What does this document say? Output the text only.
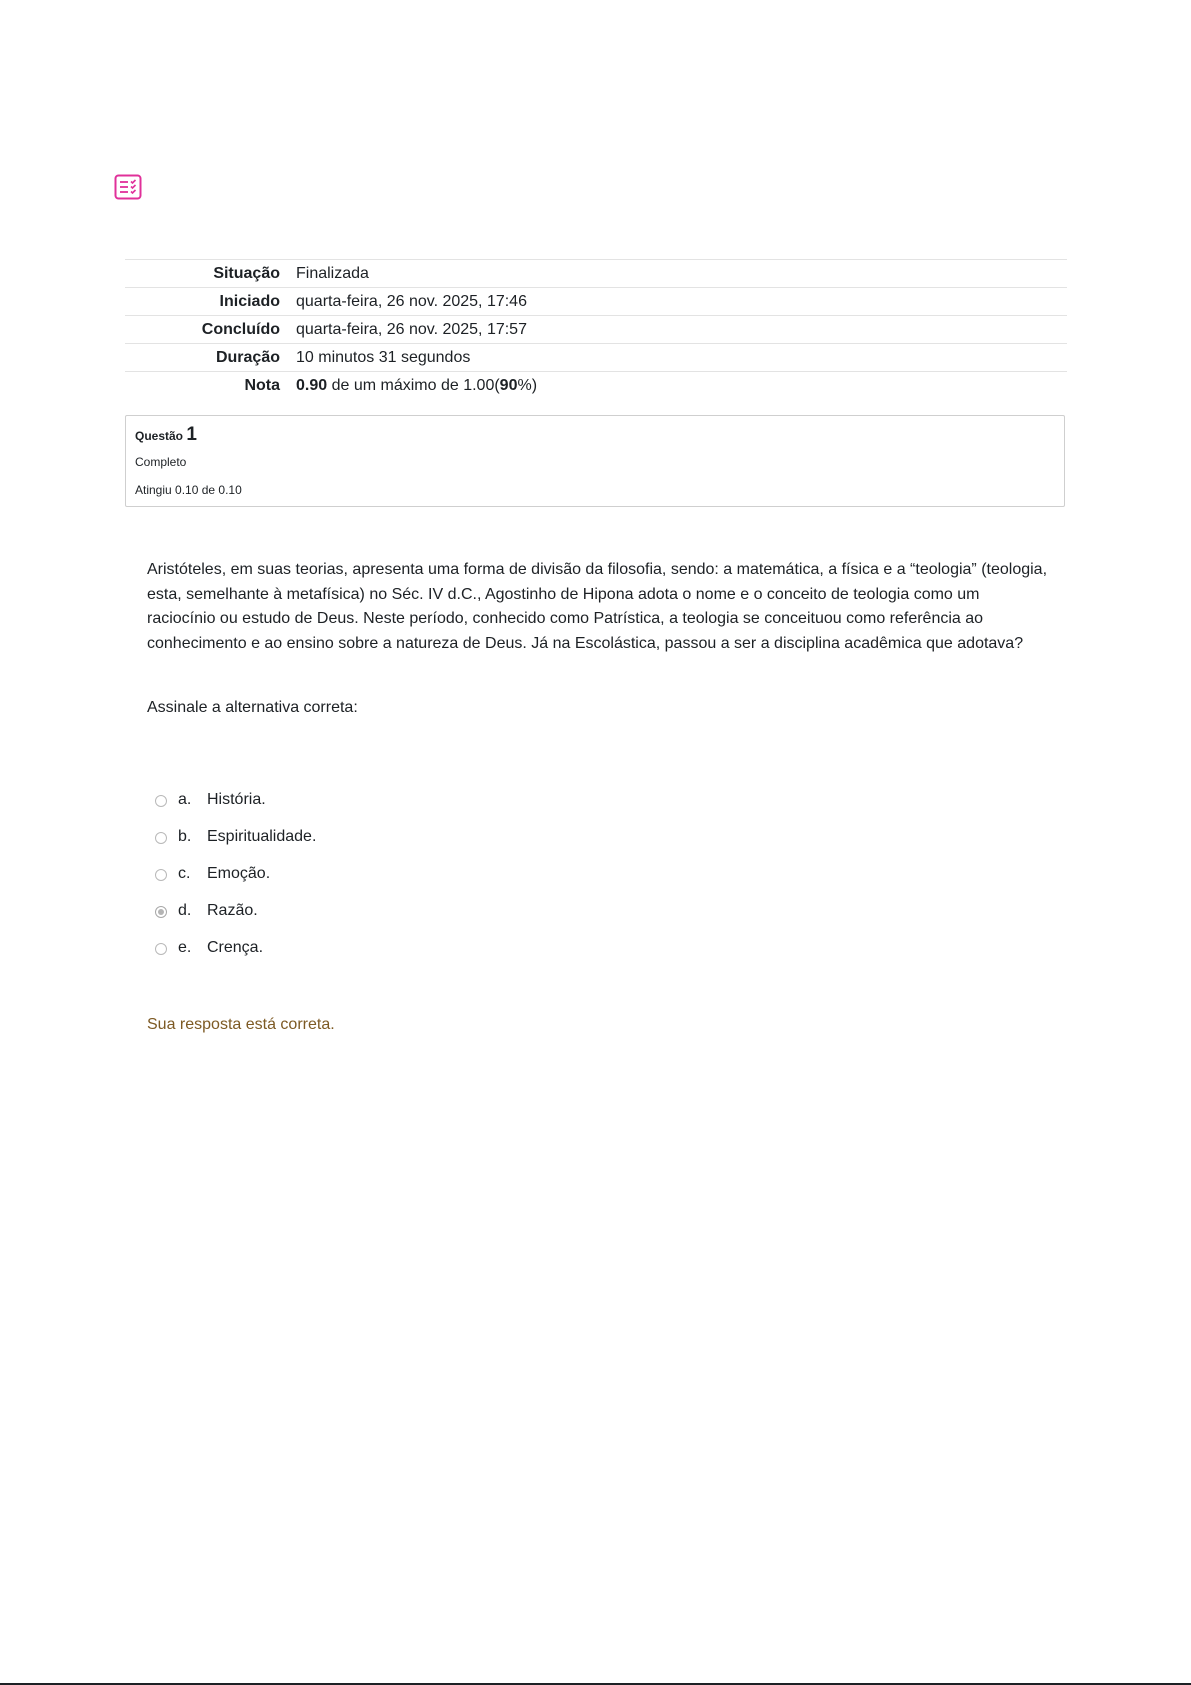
Situação	Finalizada
Iniciado	quarta-feira, 26 nov. 2025, 17:46
Concluído	quarta-feira, 26 nov. 2025, 17:57
Duração	10 minutos 31 segundos
Nota	0.90 de um máximo de 1.00(90%)
Questão 1
Completo
Atingiu 0.10 de 0.10
Aristóteles, em suas teorias, apresenta uma forma de divisão da filosofia, sendo: a matemática, a física e a “teologia” (teologia, esta, semelhante à metafísica) no Séc. IV d.C., Agostinho de Hipona adota o nome e o conceito de teologia como um raciocínio ou estudo de Deus. Neste período, conhecido como Patrística, a teologia se conceituou como referência ao conhecimento e ao ensino sobre a natureza de Deus. Já na Escolástica, passou a ser a disciplina acadêmica que adotava?
Assinale a alternativa correta:
a. História.
b. Espiritualidade.
c.	Emoção.
d. Razão.
e. Crença.
Sua resposta está correta.
